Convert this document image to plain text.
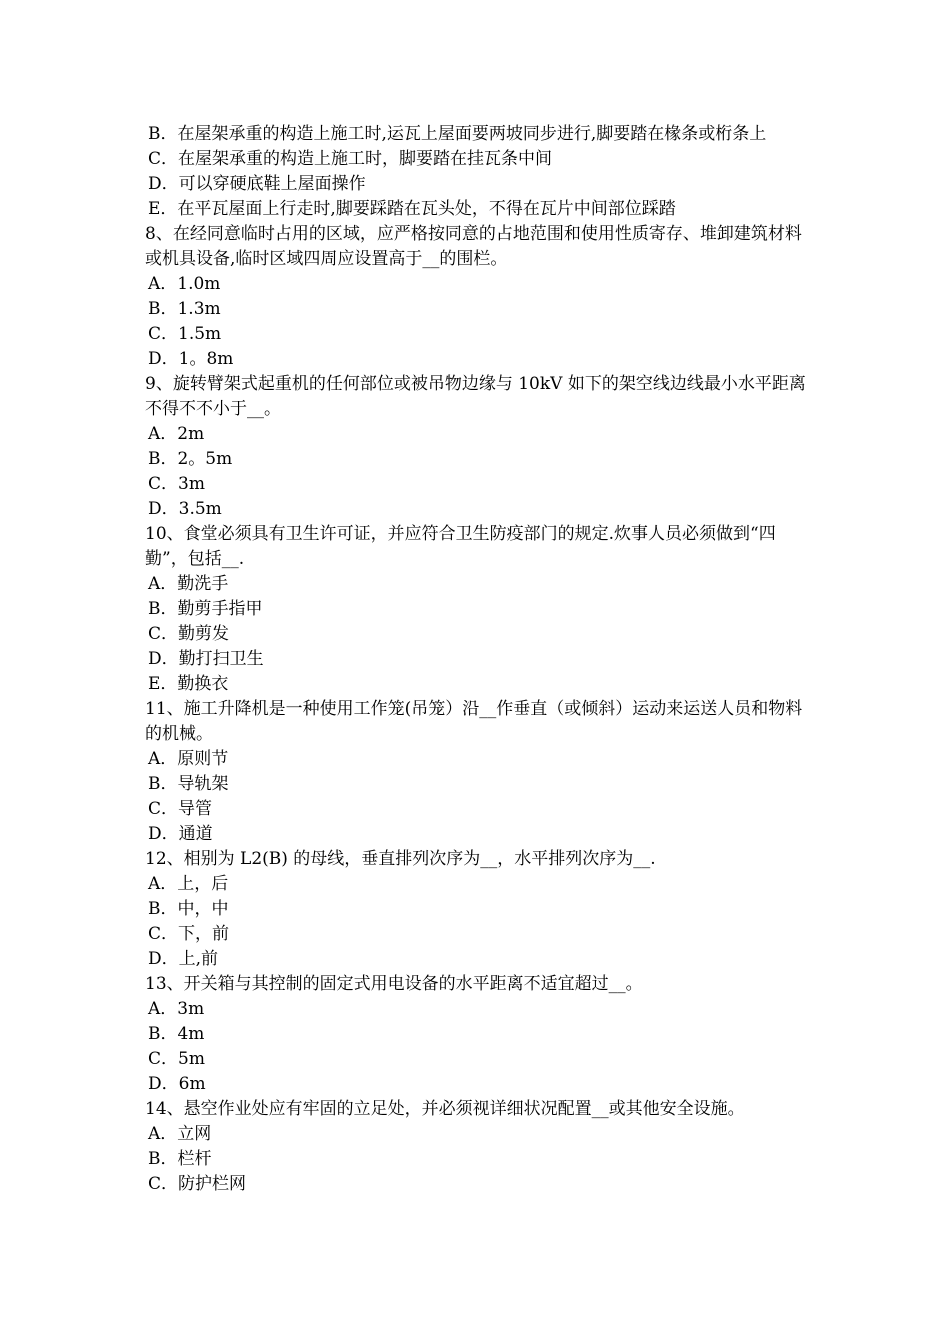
B．在屋架承重的构造上施工时,运瓦上屋面要两坡同步进行,脚要踏在椽条或桁条上

C．在屋架承重的构造上施工时，脚要踏在挂瓦条中间

D．可以穿硬底鞋上屋面操作

E．在平瓦屋面上行走时,脚要踩踏在瓦头处，不得在瓦片中间部位踩踏

8、在经同意临时占用的区域，应严格按同意的占地范围和使用性质寄存、堆卸建筑材料或机具设备,临时区域四周应设置高于__的围栏。

A．1.0m

B．1.3m

C．1.5m

D．1。8m

9、旋转臂架式起重机的任何部位或被吊物边缘与 10kV 如下的架空线边线最小水平距离不得不不小于__。

A．2m

B．2。5m

C．3m

D．3.5m

10、食堂必须具有卫生许可证，并应符合卫生防疫部门的规定.炊事人员必须做到“四勤”，包括__.

A．勤洗手

B．勤剪手指甲

C．勤剪发

D．勤打扫卫生

E．勤换衣

11、施工升降机是一种使用工作笼(吊笼）沿__作垂直（或倾斜）运动来运送人员和物料的机械。

A．原则节

B．导轨架

C．导管

D．通道

12、相别为 L2(B) 的母线，垂直排列次序为__，水平排列次序为__.

A．上，后

B．中，中

C．下，前

D．上,前

13、开关箱与其控制的固定式用电设备的水平距离不适宜超过__。

A．3m

B．4m

C．5m

D．6m

14、悬空作业处应有牢固的立足处，并必须视详细状况配置__或其他安全设施。

A．立网

B．栏杆

C．防护栏网
